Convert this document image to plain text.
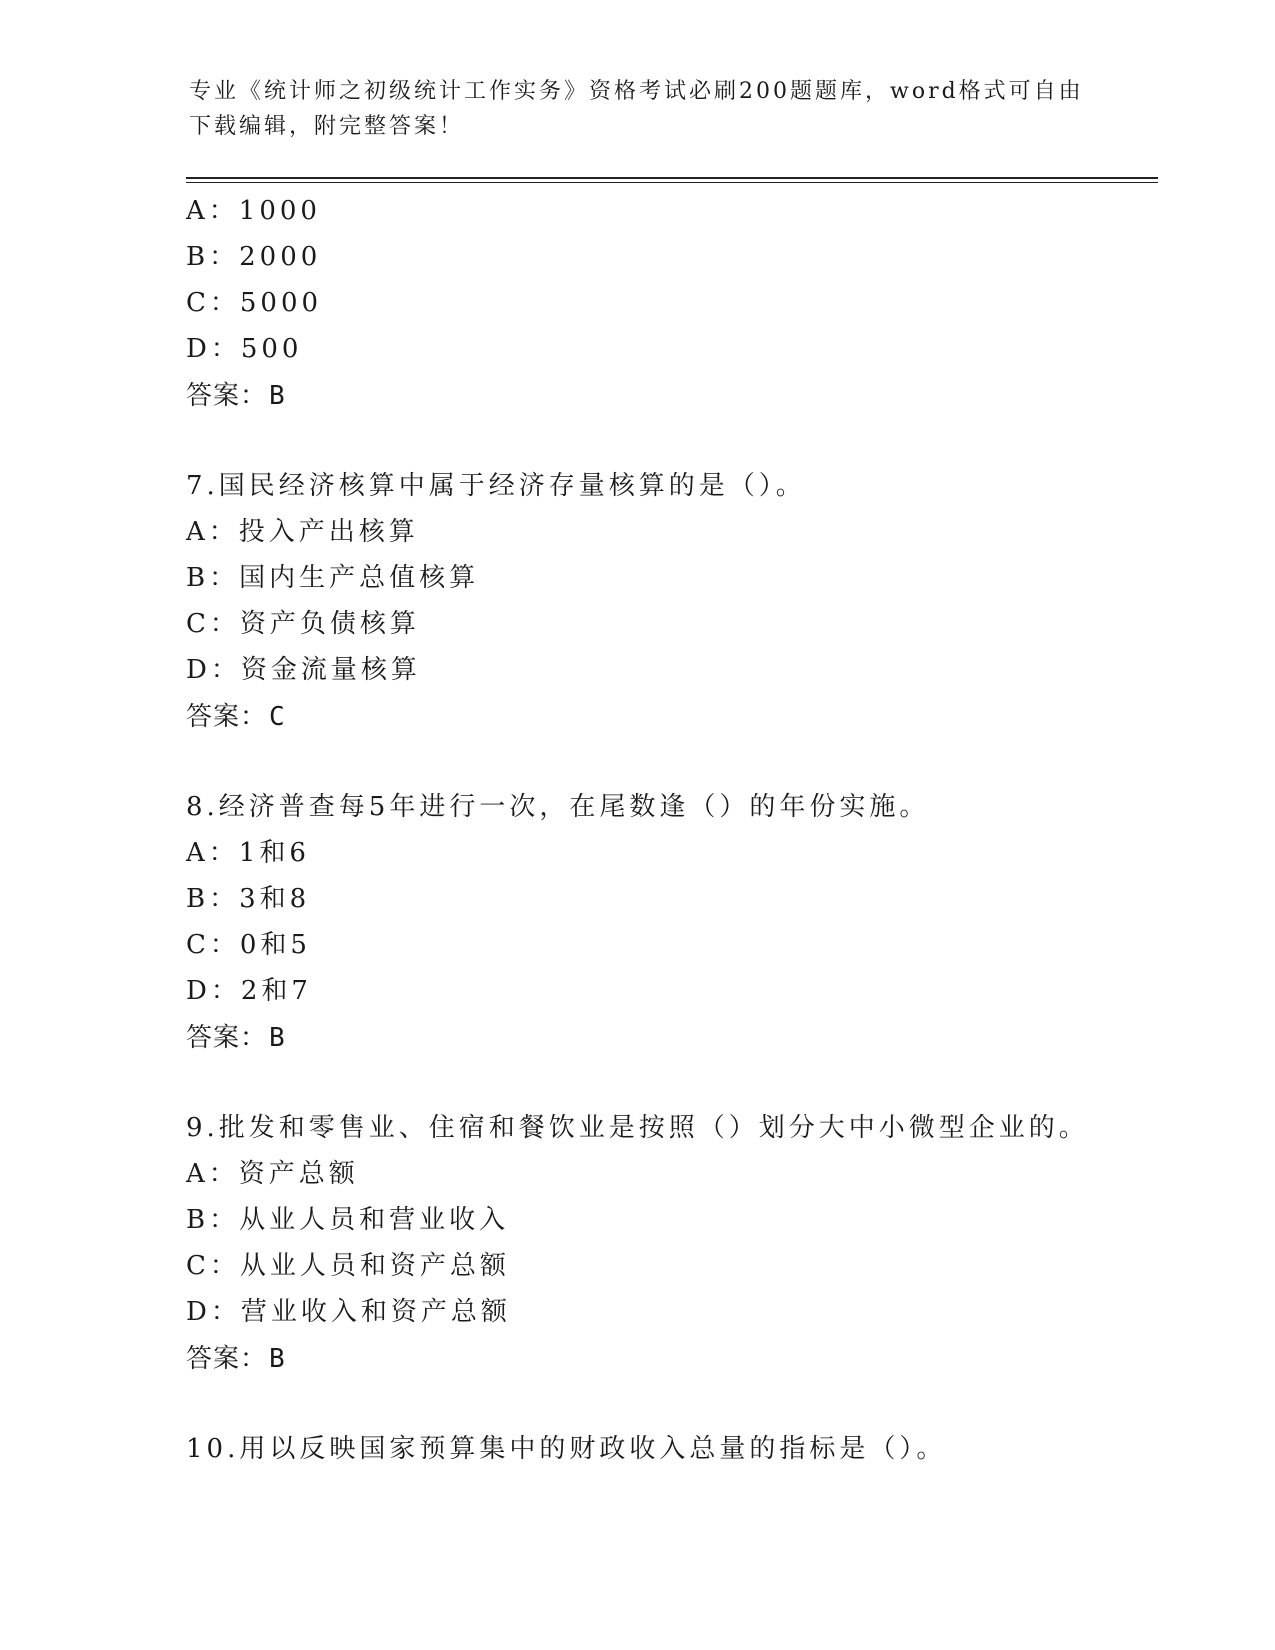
专业《统计师之初级统计工作实务》资格考试必刷200题题库，word格式可自由
下载编辑，附完整答案！
A：1000
B：2000
C：5000
D：500
答案：B
7.国民经济核算中属于经济存量核算的是（）。
A：投入产出核算
B：国内生产总值核算
C：资产负债核算
D：资金流量核算
答案：C
8.经济普查每5年进行一次，在尾数逢（）的年份实施。
A：1和6
B：3和8
C：0和5
D：2和7
答案：B
9.批发和零售业、住宿和餐饮业是按照（）划分大中小微型企业的。
A：资产总额
B：从业人员和营业收入
C：从业人员和资产总额
D：营业收入和资产总额
答案：B
10.用以反映国家预算集中的财政收入总量的指标是（）。
